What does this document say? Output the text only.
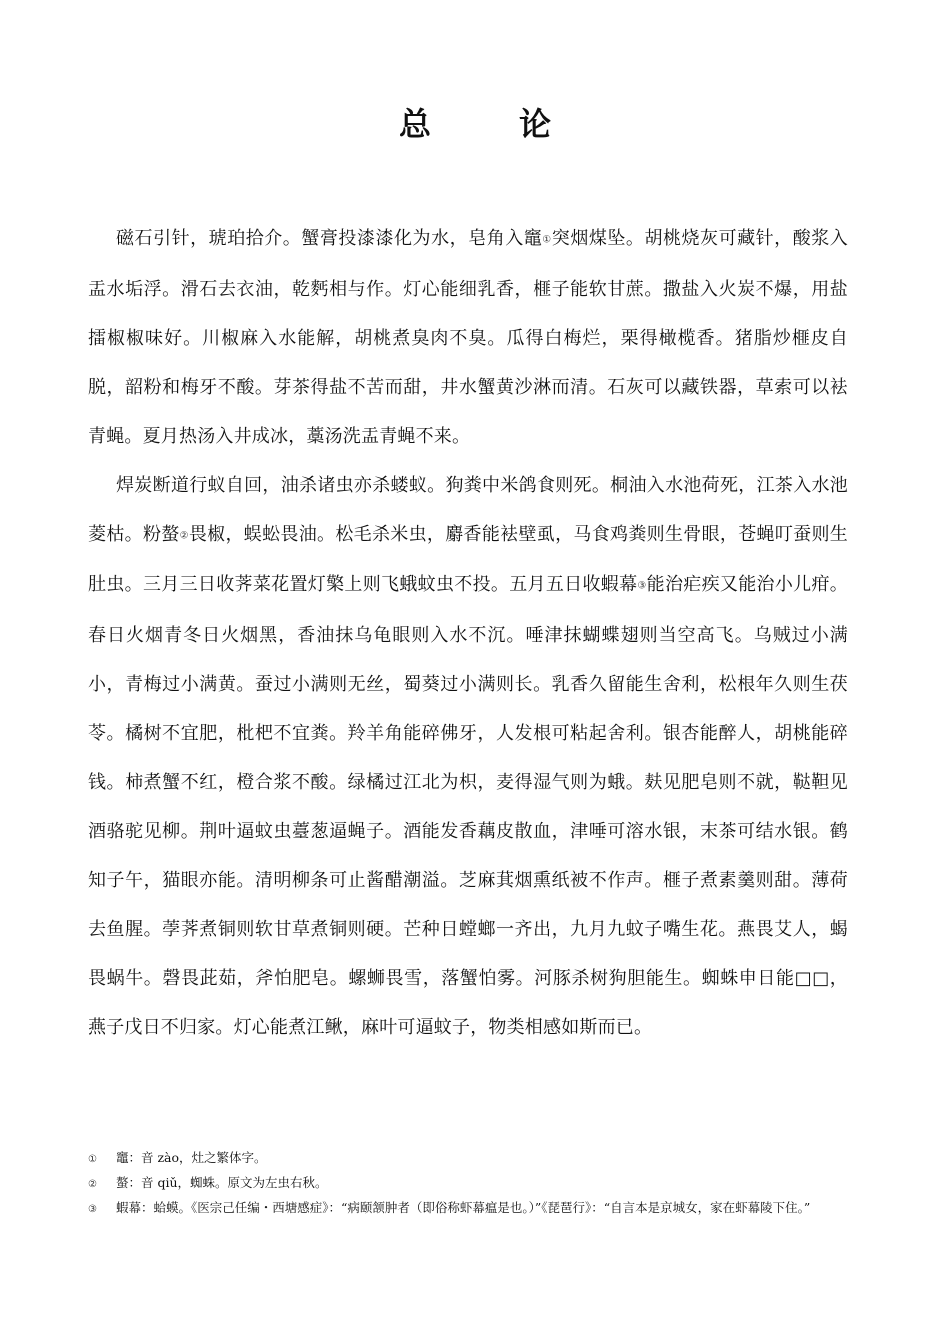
总论

磁石引针，琥珀拾介。蟹膏投漆漆化为水，皂角入竈①突烟煤坠。胡桃烧灰可藏针，酸浆入盂水垢浮。滑石去衣油，乾麫相与作。灯心能细乳香，榧子能软甘蔗。撒盐入火炭不爆，用盐擂椒椒味好。川椒麻入水能解，胡桃煮臭肉不臭。瓜得白梅烂，栗得橄榄香。猪脂炒榧皮自脱，韶粉和梅牙不酸。芽茶得盐不苦而甜，井水蟹黄沙淋而清。石灰可以藏铁器，草索可以袪青蝇。夏月热汤入井成冰，藁汤洗盂青蝇不来。

焊炭断道行蚁自回，油杀诸虫亦杀蝼蚁。狗粪中米鸽食则死。桐油入水池荷死，江茶入水池菱枯。粉螯②畏椒，蜈蚣畏油。松毛杀米虫，麝香能袪壁虱，马食鸡粪则生骨眼，苍蝇叮蚕则生肚虫。三月三日收荠菜花置灯檠上则飞蛾蚊虫不投。五月五日收蝦幕③能治疟疾又能治小儿疳。春日火烟青冬日火烟黑，香油抹乌龟眼则入水不沉。唾津抹蝴蝶翅则当空高飞。乌贼过小满小，青梅过小满黄。蚕过小满则无丝，蜀葵过小满则长。乳香久留能生舍利，松根年久则生茯苓。橘树不宜肥，枇杷不宜粪。羚羊角能碎佛牙，人发根可粘起舍利。银杏能醉人，胡桃能碎钱。柿煮蟹不红，橙合浆不酸。绿橘过江北为枳，麦得湿气则为蛾。麸见肥皂则不就，鞑靼见酒骆驼见柳。荆叶逼蚊虫薹葱逼蝇子。酒能发香藕皮散血，津唾可溶水银，末茶可结水银。鹤知子午，猫眼亦能。清明柳条可止酱醋潮溢。芝麻萁烟熏纸被不作声。榧子煮素羹则甜。薄荷去鱼腥。荸荠煮铜则软甘草煮铜则硬。芒种日螳螂一齐出，九月九蚊子嘴生花。燕畏艾人，蝎畏蜗牛。磬畏茈茹，斧怕肥皂。螺蛳畏雪，落蟹怕雾。河豚杀树狗胆能生。蜘蛛申日能□□，燕子戊日不归家。灯心能煮江鳅，麻叶可逼蚊子，物类相感如斯而已。

① 竈：音 zào，灶之繁体字。

② 螯：音 qiǔ，蜘蛛。原文为左虫右秋。

③ 蝦幕：蛤蟆。《医宗己任编・西塘感症》：“病颐颔肿者（即俗称虾幕瘟是也。）”《琵琶行》：“自言本是京城女，家在虾幕陵下住。”
